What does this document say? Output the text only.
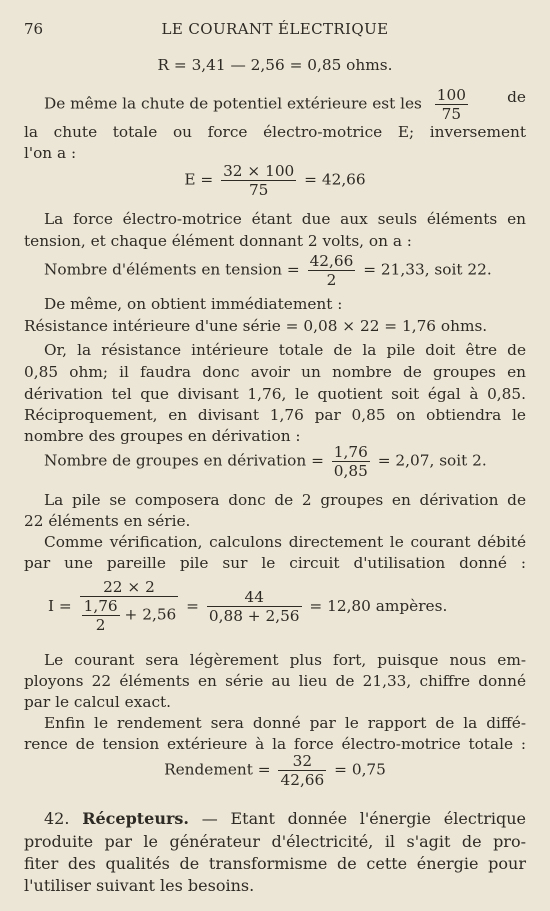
76	LE COURANT ÉLECTRIQUE
R = 3,41 — 2,56 = 0,85 ohms.
De même la chute de potentiel extérieure est les $\frac{100}{75}$	de
la chute totale ou force électro-motrice E; inversement
l'on a :
$E = \frac{32 \times 100}{75} = 42,66$
La force électro-motrice étant due aux seuls éléments en
tension, et chaque élément donnant 2 volts, on a :
Nombre d'éléments en tension = $\frac{42,66}{2} = 21,33$, soit 22.
De même, on obtient immédiatement :
Résistance intérieure d'une série = 0,08 × 22 = 1,76 ohms.
Or, la résistance intérieure totale de la pile doit être de
0,85 ohm; il faudra donc avoir un nombre de groupes en
dérivation tel que divisant 1,76, le quotient soit égal à 0,85.
Réciproquement, en divisant 1,76 par 0,85 on obtiendra le
nombre des groupes en dérivation :
Nombre de groupes en dérivation = $\frac{1,76}{0,85} = 2,07$, soit 2.
La pile se composera donc de 2 groupes en dérivation de
22 éléments en série.
Comme vérification, calculons directement le courant débité
par une pareille pile sur le circuit d'utilisation donné :
$I = \frac{22 \times 2}{\frac{1,76}{2} + 2,56} = \frac{44}{0,88 + 2,56} = 12,80$ ampères.
Le courant sera légèrement plus fort, puisque nous em-
ployons 22 éléments en série au lieu de 21,33, chiffre donné
par le calcul exact.
Enfin le rendement sera donné par le rapport de la diffé-
rence de tension extérieure à la force électro-motrice totale :
Rendement = $\frac{32}{42,66} = 0,75$
42. Récepteurs. — Etant donnée l'énergie électrique
produite par le générateur d'électricité, il s'agit de pro-
fiter des qualités de transformisme de cette énergie pour
l'utiliser suivant les besoins.
